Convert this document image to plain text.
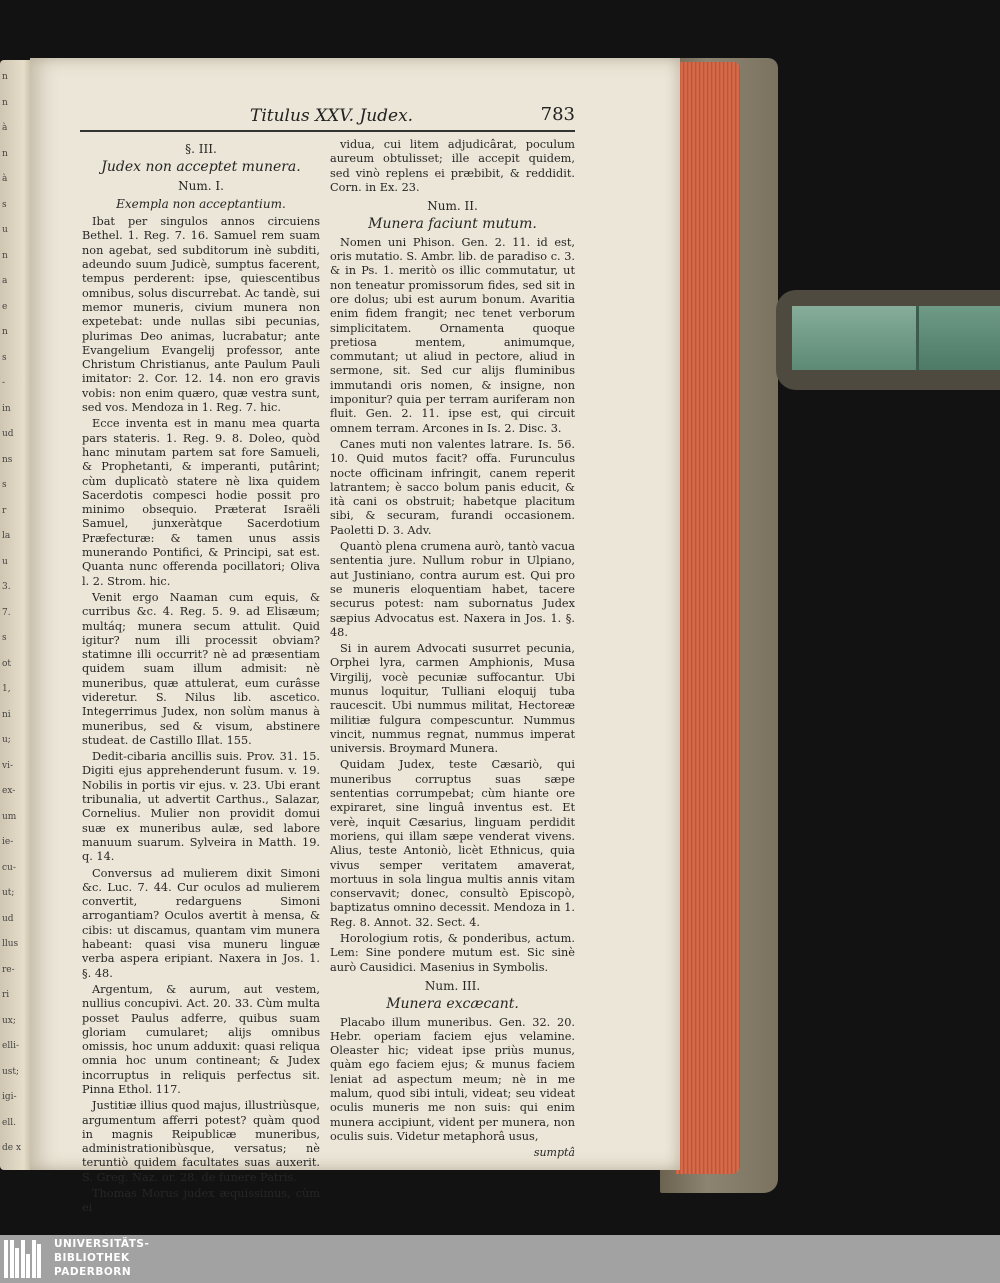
n
n
à
n
à
s
u
n
a
e
n
s
-
in
ud
ns
s
r
la
u
3.
7.
s
ot
1,
ni
u;
vi-
ex-
um
ie-
cu-
ut;
ud
llus
re-
ri
ux;
elli-
ust;
igi-
ell.
de x
Titulus XXV. Judex.	783

§. III.

Judex non acceptet munera.

Num. I.

Exempla non acceptantium.

Ibat per singulos annos circuiens Bethel. 1. Reg. 7. 16. Samuel rem suam non agebat, sed subditorum inè subditi, adeundo suum Judicè, sumptus facerent, tempus perderent: ipse, quiescentibus omnibus, solus discurrebat. Ac tandè, sui memor muneris, civium munera non expetebat: unde nullas sibi pecunias, plurimas Deo animas, lucrabatur; ante Evangelium Evangelij professor, ante Christum Christianus, ante Paulum Pauli imitator: 2. Cor. 12. 14. non ero gravis vobis: non enim quæro, quæ vestra sunt, sed vos. Mendoza in 1. Reg. 7. hic.

Ecce inventa est in manu mea quarta pars stateris. 1. Reg. 9. 8. Doleo, quòd hanc minutam partem sat fore Samueli, & Prophetanti, & imperanti, putârint; cùm duplicatò statere nè lixa quidem Sacerdotis compesci hodie possit pro minimo obsequio. Præterat Israëli Samuel, junxeràtque Sacerdotium Præfecturæ: & tamen unus assis munerando Pontifici, & Principi, sat est. Quanta nunc offerenda pocillatori; Oliva l. 2. Strom. hic.

Venit ergo Naaman cum equis, & curribus &c. 4. Reg. 5. 9. ad Elisæum; multáq; munera secum attulit. Quid igitur? num illi processit obviam? statimne illi occurrit? nè ad præsentiam quidem suam illum admisit: nè muneribus, quæ attulerat, eum curâsse videretur. S. Nilus lib. ascetico. Integerrimus Judex, non solùm manus à muneribus, sed & visum, abstinere studeat. de Castillo Illat. 155.

Dedit-cibaria ancillis suis. Prov. 31. 15. Digiti ejus apprehenderunt fusum. v. 19. Nobilis in portis vir ejus. v. 23. Ubi erant tribunalia, ut advertit Carthus., Salazar, Cornelius. Mulier non providit domui suæ ex muneribus aulæ, sed labore manuum suarum. Sylveira in Matth. 19. q. 14.

Conversus ad mulierem dixit Simoni &c. Luc. 7. 44. Cur oculos ad mulierem convertit, redarguens Simoni arrogantiam? Oculos avertit à mensa, & cibis: ut discamus, quantam vim munera habeant: quasi visa muneru linguæ verba aspera eripiant. Naxera in Jos. 1. §. 48.

Argentum, & aurum, aut vestem, nullius concupivi. Act. 20. 33. Cùm multa posset Paulus adferre, quibus suam gloriam cumularet; alijs omnibus omissis, hoc unum adduxit: quasi reliqua omnia hoc unum contineant; & Judex incorruptus in reliquis perfectus sit. Pinna Ethol. 117.

Justitiæ illius quod majus, illustriùsque, argumentum afferri potest? quàm quod in magnis Reipublicæ muneribus, administrationibùsque, versatus; nè teruntiò quidem facultates suas auxerit. S. Greg. Naz. or. 28. de funere Patris.

Thomas Morus judex æquissimus, cùm ei

vidua, cui litem adjudicârat, poculum aureum obtulisset; ille accepit quidem, sed vinò replens ei præbibit, & reddidit. Corn. in Ex. 23.

Num. II.

Munera faciunt mutum.

Nomen uni Phison. Gen. 2. 11. id est, oris mutatio. S. Ambr. lib. de paradiso c. 3. & in Ps. 1. meritò os illic commutatur, ut non teneatur promissorum fides, sed sit in ore dolus; ubi est aurum bonum. Avaritia enim fidem frangit; nec tenet verborum simplicitatem. Ornamenta quoque pretiosa mentem, animumque, commutant; ut aliud in pectore, aliud in sermone, sit. Sed cur alijs fluminibus immutandi oris nomen, & insigne, non imponitur? quia per terram auriferam non fluit. Gen. 2. 11. ipse est, qui circuit omnem terram. Arcones in Is. 2. Disc. 3.

Canes muti non valentes latrare. Is. 56. 10. Quid mutos facit? offa. Furunculus nocte officinam infringit, canem reperit latrantem; è sacco bolum panis educit, & ità cani os obstruit; habetque placitum sibi, & securam, furandi occasionem. Paoletti D. 3. Adv.

Quantò plena crumena aurò, tantò vacua sententia jure. Nullum robur in Ulpiano, aut Justiniano, contra aurum est. Qui pro se muneris eloquentiam habet, tacere securus potest: nam subornatus Judex sæpius Advocatus est. Naxera in Jos. 1. §. 48.

Si in aurem Advocati susurret pecunia, Orphei lyra, carmen Amphionis, Musa Virgilij, vocè pecuniæ suffocantur. Ubi munus loquitur, Tulliani eloquij tuba raucescit. Ubi nummus militat, Hectoreæ militiæ fulgura compescuntur. Nummus vincit, nummus regnat, nummus imperat universis. Broymard Munera.

Quidam Judex, teste Cæsariò, qui muneribus corruptus suas sæpe sententias corrumpebat; cùm hiante ore expiraret, sine linguâ inventus est. Et verè, inquit Cæsarius, linguam perdidit moriens, qui illam sæpe venderat vivens. Alius, teste Antoniò, licèt Ethnicus, quia vivus semper veritatem amaverat, mortuus in sola lingua multis annis vitam conservavit; donec, consultò Episcopò, baptizatus omnino decessit. Mendoza in 1. Reg. 8. Annot. 32. Sect. 4.

Horologium rotis, & ponderibus, actum. Lem: Sine pondere mutum est. Sic sinè aurò Causidici. Masenius in Symbolis.

Num. III.

Munera excæcant.

Placabo illum muneribus. Gen. 32. 20. Hebr. operiam faciem ejus velamine. Oleaster hic; videat ipse priùs munus, quàm ego faciem ejus; & munus faciem leniat ad aspectum meum; nè in me malum, quod sibi intuli, videat; seu videat oculis muneris me non suis: qui enim munera accipiunt, vident per munera, non oculis suis. Videtur metaphorâ usus,

sumptâ
UNIVERSITÄTS-
BIBLIOTHEK
PADERBORN
